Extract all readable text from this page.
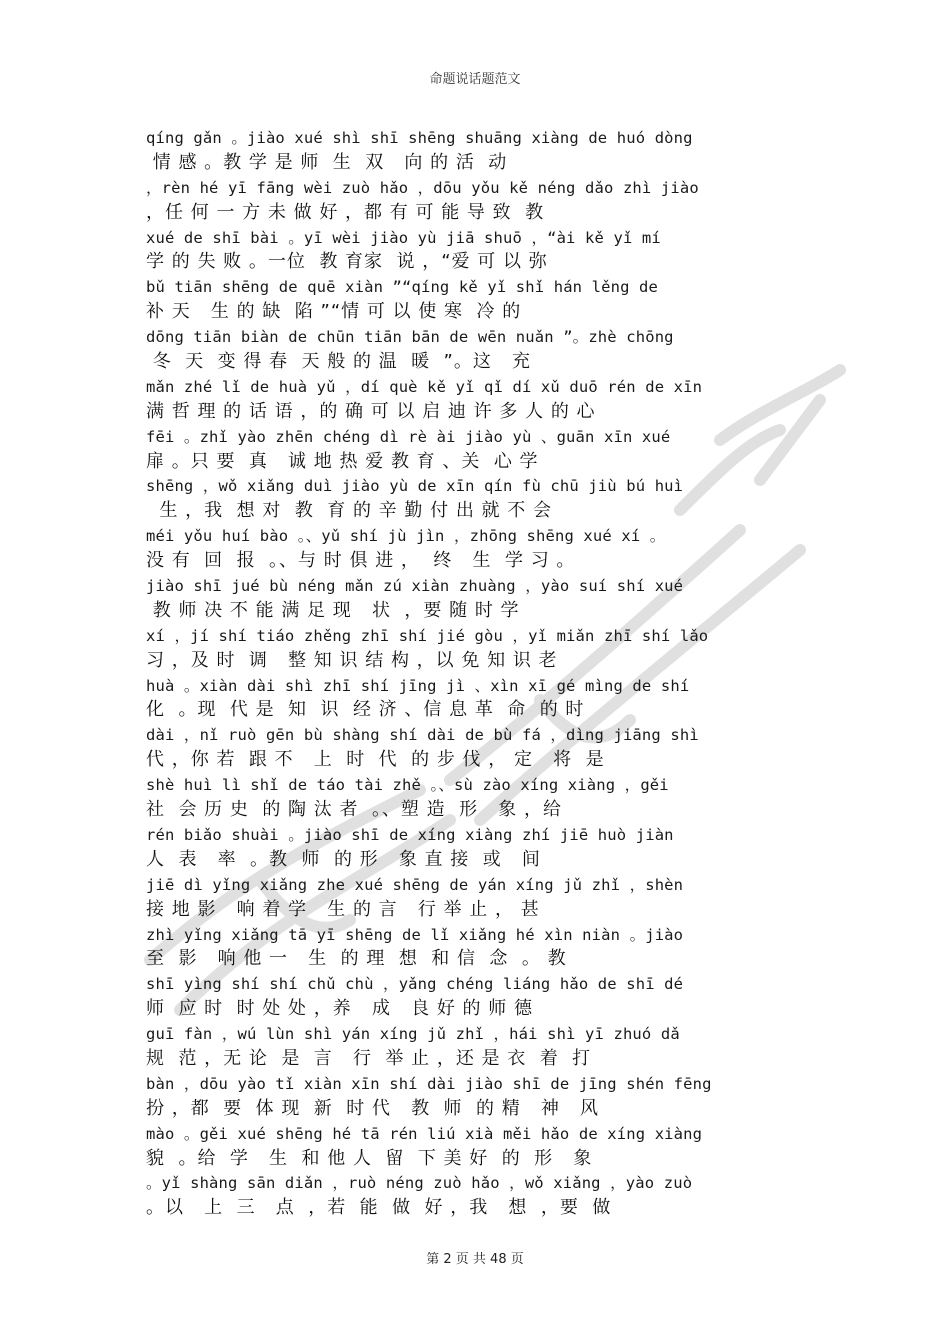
命题说话题范文
qíng gǎn 。jiào xué shì shī shēng shuāng xiàng de huó dòng
情 感 。教 学 是 师  生  双   向 的 活  动
，rèn hé yī fāng wèi zuò hǎo ，dōu yǒu kě néng dǎo zhì jiào
，任 何 一 方 未 做 好 ，都 有 可 能 导 致  教
xué de shī bài 。yī wèi jiào yù jiā shuō ，“ài kě yǐ mí
学 的 失 败 。一位  教 育家  说 ，“爱 可 以 弥
bǔ tiān shēng de quē xiàn ”“qíng kě yǐ shǐ hán lěng de
补 天   生 的 缺  陷 ”“情 可 以 使 寒  冷 的
dōng tiān biàn de chūn tiān bān de wēn nuǎn ”。zhè chōng
冬  天  变 得 春  天 般 的 温  暖  ”。这   充
mǎn zhé lǐ de huà yǔ ，dí què kě yǐ qǐ dí xǔ duō rén de xīn
满 哲 理 的 话 语 ，的 确 可 以 启 迪 许 多 人 的 心
fēi 。zhǐ yào zhēn chéng dì rè ài jiào yù 、guān xīn xué
扉 。只 要  真   诚 地 热 爱 教 育 、关  心 学
shēng ，wǒ xiǎng duì jiào yù de xīn qín fù chū jiù bú huì
生 ，我  想 对  教  育 的 辛 勤 付 出 就 不 会
méi yǒu huí bào 。、yǔ shí jù jìn ，zhōng shēng xué xí 。
没 有  回  报  。、与 时 俱 进 ，  终   生  学 习 。
jiào shī jué bù néng mǎn zú xiàn zhuàng ，yào suí shí xué
教 师 决 不 能 满 足 现   状  ，要 随 时 学
xí ，jí shí tiáo zhěng zhī shí jié gòu ，yǐ miǎn zhī shí lǎo
习 ，及 时  调   整 知 识 结 构 ，以 免 知 识 老
huà 。xiàn dài shì zhī shí jīng jì 、xìn xī gé mìng de shí
化  。现  代 是  知  识  经 济 、信 息 革  命  的 时
dài ，nǐ ruò gēn bù shàng shí dài de bù fá ，dìng jiāng shì
代 ，你 若  跟 不   上  时  代  的 步 伐 ， 定   将  是
shè huì lì shǐ de táo tài zhě 。、sù zào xíng xiàng ，gěi
社  会 历 史  的 陶 汰 者  。、塑 造  形   象 ，给
rén biǎo shuài 。jiào shī de xíng xiàng zhí jiē huò jiàn
人  表   率  。教  师  的 形   象 直 接  或   间
jiē dì yǐng xiǎng zhe xué shēng de yán xíng jǔ zhǐ ，shèn
接 地 影   响 着 学   生 的 言   行 举 止 ， 甚
zhì yǐng xiǎng tā yī shēng de lǐ xiǎng hé xìn niàn 。jiào
至  影   响 他 一   生  的 理  想  和 信  念  。 教
shī yìng shí shí chǔ chù ，yǎng chéng liáng hǎo de shī dé
师  应 时  时 处 处 ，养   成   良 好 的 师 德
guī fàn ，wú lùn shì yán xíng jǔ zhǐ ，hái shì yī zhuó dǎ
规  范 ，无 论  是  言   行  举 止 ，还 是 衣  着  打
bàn ，dōu yào tǐ xiàn xīn shí dài jiào shī de jīng shén fēng
扮 ，都  要  体 现  新  时 代   教  师  的 精   神   风
mào 。gěi xué shēng hé tā rén liú xià měi hǎo de xíng xiàng
貌  。给  学   生  和 他 人  留  下 美 好  的  形   象
。yǐ shàng sān diǎn ，ruò néng zuò hǎo ，wǒ xiǎng ，yào zuò
。以   上  三   点  ，若  能  做  好 ，我   想  ，要  做
第 2 页 共 48 页
